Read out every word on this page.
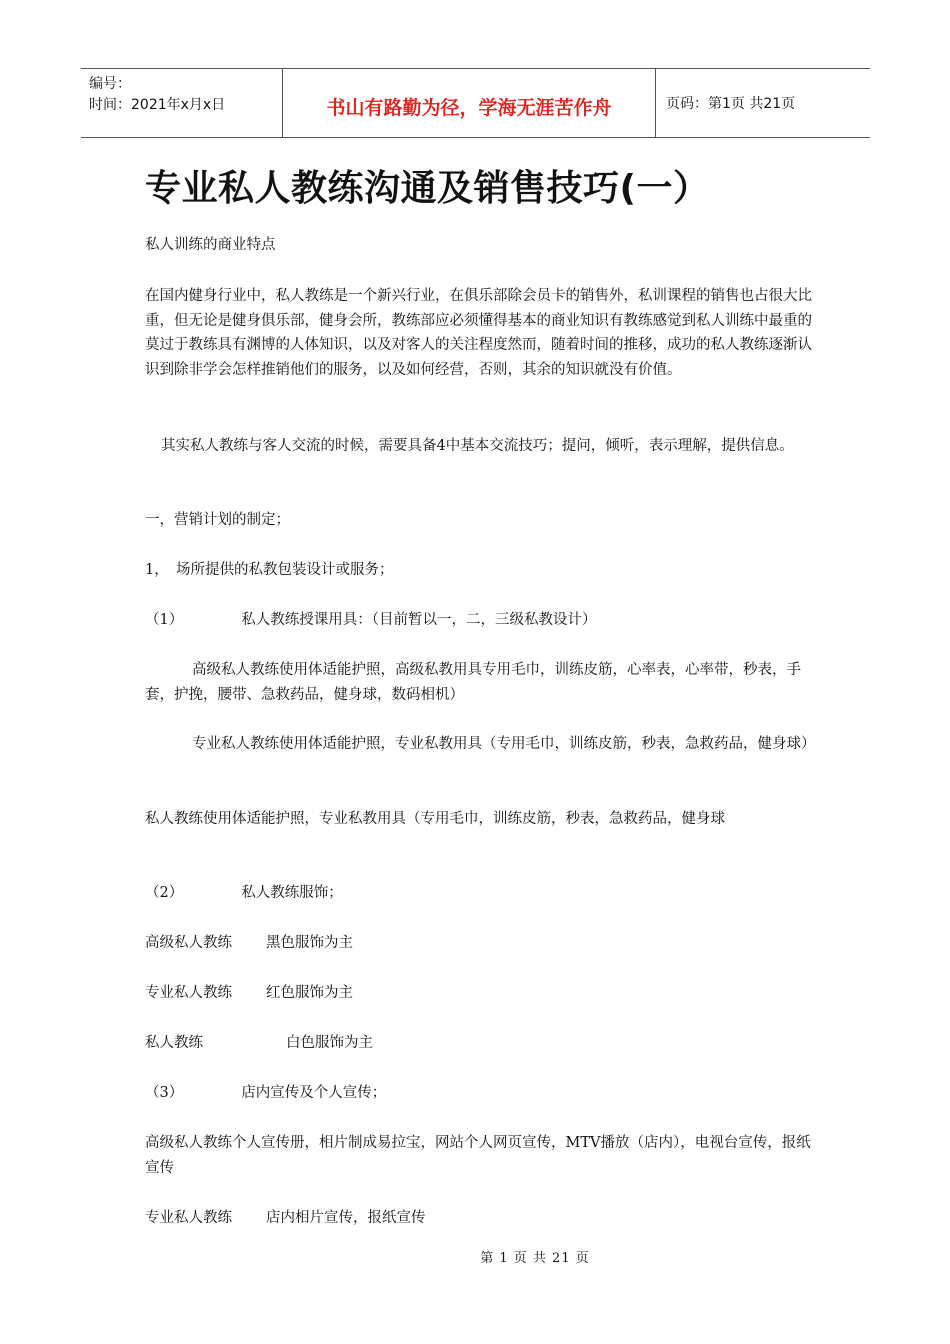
编号：
时间：2021年x月x日	书山有路勤为径，学海无涯苦作舟	页码：第1页 共21页
专业私人教练沟通及销售技巧(一）
私人训练的商业特点
在国内健身行业中，私人教练是一个新兴行业，在俱乐部除会员卡的销售外，私训课程的销售也占很大比重，但无论是健身俱乐部，健身会所，教练部应必须懂得基本的商业知识有教练感觉到私人训练中最重的莫过于教练具有渊博的人体知识，以及对客人的关注程度然而，随着时间的推移，成功的私人教练逐渐认识到除非学会怎样推销他们的服务，以及如何经营，否则，其余的知识就没有价值。
其实私人教练与客人交流的时候，需要具备4中基本交流技巧；提问，倾听，表示理解，提供信息。
一，营销计划的制定；
1，　场所提供的私教包装设计或服务；
（1）	私人教练授课用具：（目前暂以一，二，三级私教设计）
高级私人教练使用体适能护照，高级私教用具专用毛巾，训练皮筋，心率表，心率带，秒表，手套，护挽，腰带、急救药品，健身球，数码相机）
专业私人教练使用体适能护照，专业私教用具（专用毛巾，训练皮筋，秒表，急救药品，健身球）
私人教练使用体适能护照，专业私教用具（专用毛巾，训练皮筋，秒表，急救药品，健身球
（2）	私人教练服饰；
高级私人教练 黑色服饰为主
专业私人教练 红色服饰为主
私人教练	白色服饰为主
（3）	店内宣传及个人宣传；
高级私人教练个人宣传册，相片制成易拉宝，网站个人网页宣传，MTV播放（店内），电视台宣传，报纸宣传
专业私人教练 店内相片宣传，报纸宣传
第 1 页 共 21 页
